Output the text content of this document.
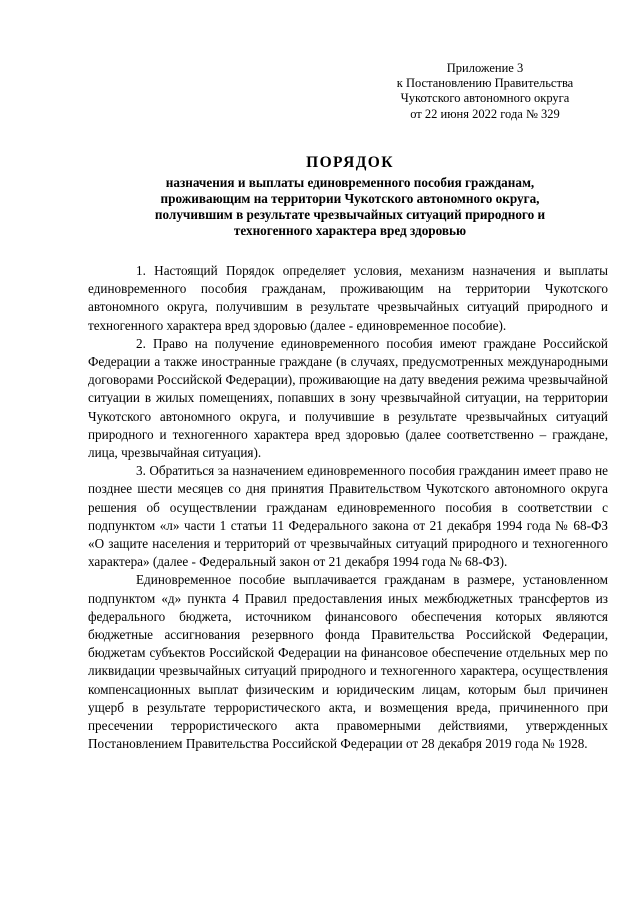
Приложение 3
к Постановлению Правительства
Чукотского автономного округа
от 22 июня 2022 года № 329
ПОРЯДОК
назначения и выплаты единовременного пособия гражданам,
проживающим на территории Чукотского автономного округа,
получившим в результате чрезвычайных ситуаций природного и
техногенного характера вред здоровью

1. Настоящий Порядок определяет условия, механизм назначения и выплаты единовременного пособия гражданам, проживающим на территории Чукотского автономного округа, получившим в результате чрезвычайных ситуаций природного и техногенного характера вред здоровью (далее - единовременное пособие).

2. Право на получение единовременного пособия имеют граждане Российской Федерации а также иностранные граждане (в случаях, предусмотренных международными договорами Российской Федерации), проживающие на дату введения режима чрезвычайной ситуации в жилых помещениях, попавших в зону чрезвычайной ситуации, на территории Чукотского автономного округа, и получившие в результате чрезвычайных ситуаций природного и техногенного характера вред здоровью (далее соответственно – граждане, лица, чрезвычайная ситуация).

3. Обратиться за назначением единовременного пособия гражданин имеет право не позднее шести месяцев со дня принятия Правительством Чукотского автономного округа решения об осуществлении гражданам единовременного пособия в соответствии с подпунктом «л» части 1 статьи 11 Федерального закона от 21 декабря 1994 года № 68-ФЗ «О защите населения и территорий от чрезвычайных ситуаций природного и техногенного характера» (далее - Федеральный закон от 21 декабря 1994 года № 68-ФЗ).

Единовременное пособие выплачивается гражданам в размере, установленном подпунктом «д» пункта 4 Правил предоставления иных межбюджетных трансфертов из федерального бюджета, источником финансового обеспечения которых являются бюджетные ассигнования резервного фонда Правительства Российской Федерации, бюджетам субъектов Российской Федерации на финансовое обеспечение отдельных мер по ликвидации чрезвычайных ситуаций природного и техногенного характера, осуществления компенсационных выплат физическим и юридическим лицам, которым был причинен ущерб в результате террористического акта, и возмещения вреда, причиненного при пресечении террористического акта правомерными действиями, утвержденных Постановлением Правительства Российской Федерации от 28 декабря 2019 года № 1928.
